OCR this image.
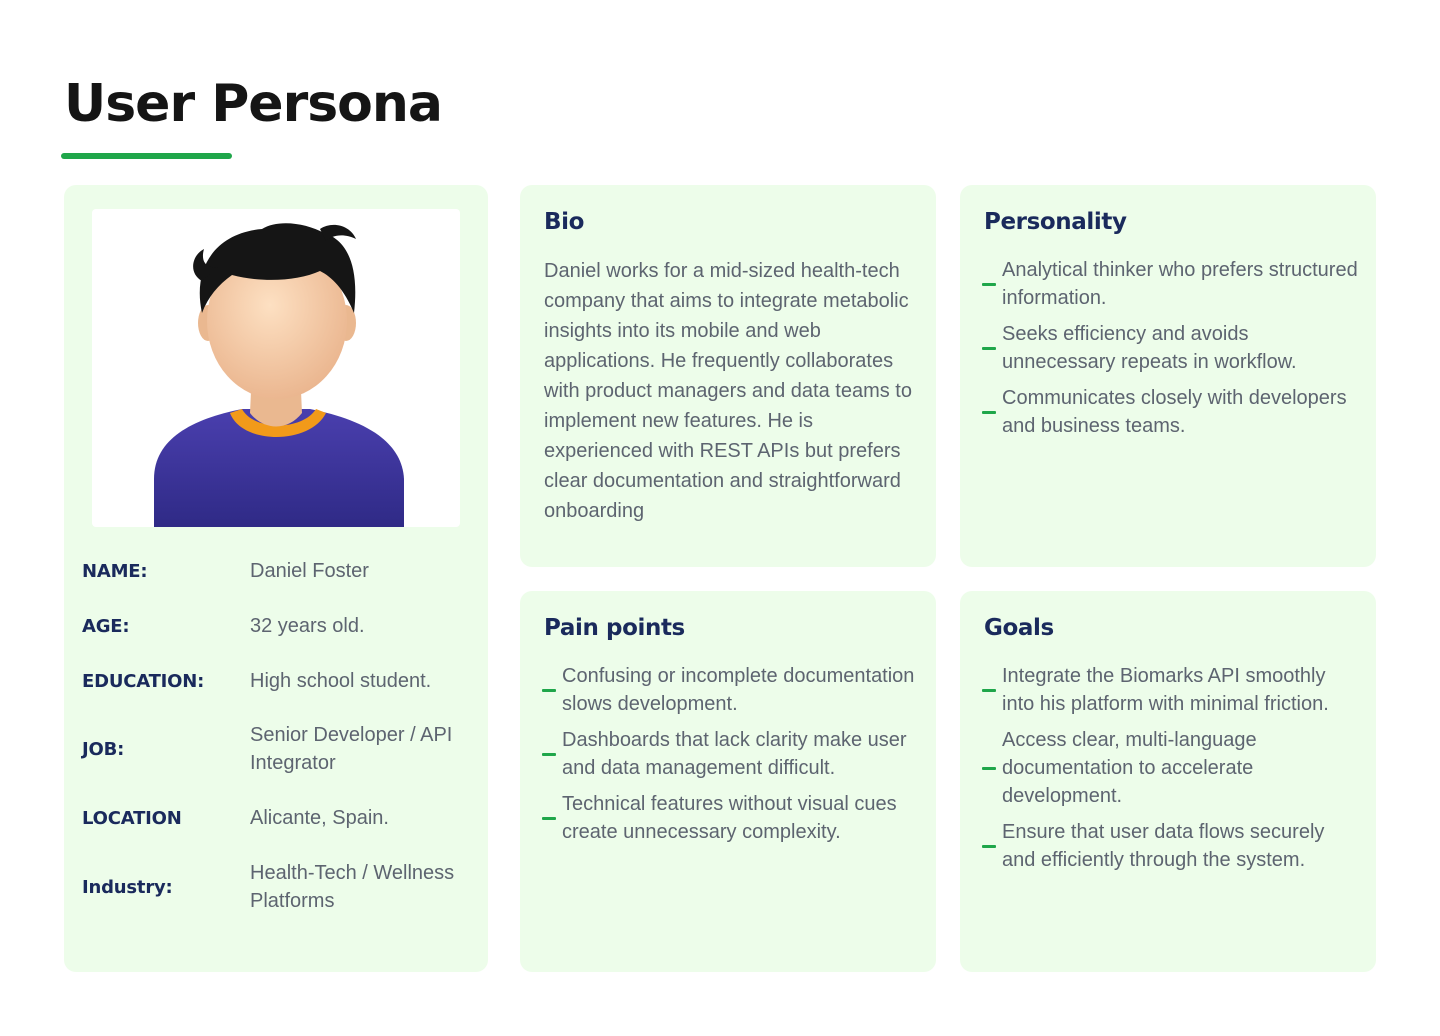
User Persona
NAME:	Daniel Foster
AGE:	32 years old.
EDUCATION:	High school student.
JOB:
Senior Developer / API Integrator
LOCATION	Alicante, Spain.
Industry:
Health-Tech / Wellness Platforms
Bio

Daniel works for a mid-sized health-tech company that aims to integrate metabolic insights into its mobile and web applications. He frequently collaborates with product managers and data teams to implement new features. He is experienced with REST APIs but prefers clear documentation and straightforward onboarding

Personality
Analytical thinker who prefers structured information.
Seeks efficiency and avoids unnecessary repeats in workflow.
Communicates closely with developers and business teams.
Pain points
Confusing or incomplete documentation slows development.
Dashboards that lack clarity make user and data management difficult.
Technical features without visual cues create unnecessary complexity.
Goals
Integrate the Biomarks API smoothly into his platform with minimal friction.
Access clear, multi-language documentation to accelerate development.
Ensure that user data flows securely and efficiently through the system.
